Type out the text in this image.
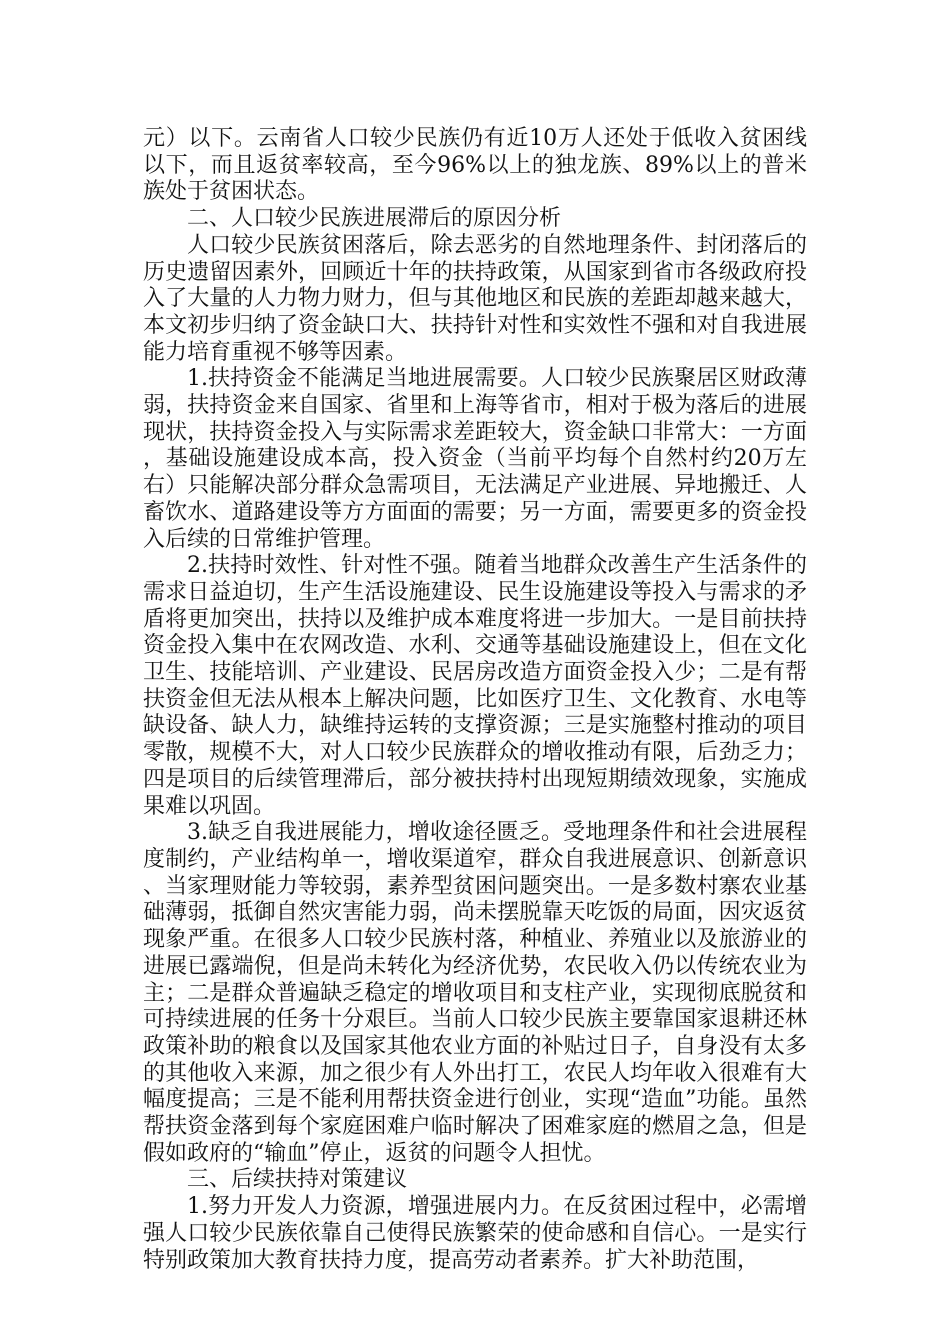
元）以下。云南省人口较少民族仍有近10万人还处于低收入贫困线以下，而且返贫率较高，至今96%以上的独龙族、89%以上的普米族处于贫困状态。

二、人口较少民族进展滞后的原因分析

人口较少民族贫困落后，除去恶劣的自然地理条件、封闭落后的历史遗留因素外，回顾近十年的扶持政策，从国家到省市各级政府投入了大量的人力物力财力，但与其他地区和民族的差距却越来越大，本文初步归纳了资金缺口大、扶持针对性和实效性不强和对自我进展能力培育重视不够等因素。

1.扶持资金不能满足当地进展需要。人口较少民族聚居区财政薄弱，扶持资金来自国家、省里和上海等省市，相对于极为落后的进展现状，扶持资金投入与实际需求差距较大，资金缺口非常大：一方面，基础设施建设成本高，投入资金（当前平均每个自然村约20万左右）只能解决部分群众急需项目，无法满足产业进展、异地搬迁、人畜饮水、道路建设等方方面面的需要；另一方面，需要更多的资金投入后续的日常维护管理。

2.扶持时效性、针对性不强。随着当地群众改善生产生活条件的需求日益迫切，生产生活设施建设、民生设施建设等投入与需求的矛盾将更加突出，扶持以及维护成本难度将进一步加大。一是目前扶持资金投入集中在农网改造、水利、交通等基础设施建设上，但在文化卫生、技能培训、产业建设、民居房改造方面资金投入少；二是有帮扶资金但无法从根本上解决问题，比如医疗卫生、文化教育、水电等缺设备、缺人力，缺维持运转的支撑资源；三是实施整村推动的项目零散，规模不大，对人口较少民族群众的增收推动有限，后劲乏力；四是项目的后续管理滞后，部分被扶持村出现短期绩效现象，实施成果难以巩固。

3.缺乏自我进展能力，增收途径匮乏。受地理条件和社会进展程度制约，产业结构单一，增收渠道窄，群众自我进展意识、创新意识、当家理财能力等较弱，素养型贫困问题突出。一是多数村寨农业基础薄弱，抵御自然灾害能力弱，尚未摆脱靠天吃饭的局面，因灾返贫现象严重。在很多人口较少民族村落，种植业、养殖业以及旅游业的进展已露端倪，但是尚未转化为经济优势，农民收入仍以传统农业为主；二是群众普遍缺乏稳定的增收项目和支柱产业，实现彻底脱贫和可持续进展的任务十分艰巨。当前人口较少民族主要靠国家退耕还林政策补助的粮食以及国家其他农业方面的补贴过日子，自身没有太多的其他收入来源，加之很少有人外出打工，农民人均年收入很难有大幅度提高；三是不能利用帮扶资金进行创业，实现“造血”功能。虽然帮扶资金落到每个家庭困难户临时解决了困难家庭的燃眉之急，但是假如政府的“输血”停止，返贫的问题令人担忧。

三、后续扶持对策建议

1.努力开发人力资源，增强进展内力。在反贫困过程中，必需增强人口较少民族依靠自己使得民族繁荣的使命感和自信心。一是实行特别政策加大教育扶持力度，提高劳动者素养。扩大补助范围，
